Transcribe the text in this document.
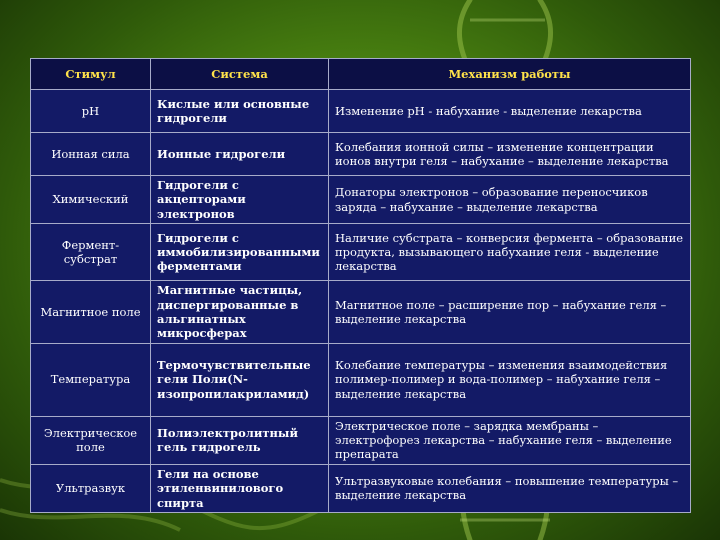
Стимул	Система	Механизм работы
pH	Кислые или основные гидрогели	Изменение pH - набухание - выделение лекарства
Ионная сила	Ионные гидрогели	Колебания ионной силы – изменение концентрации ионов внутри геля – набухание – выделение лекарства
Химический	Гидрогели с акцепторами электронов	Донаторы электронов – образование переносчиков заряда – набухание – выделение лекарства
Фермент-субстрат	Гидрогели с иммобилизированными ферментами	Наличие субстрата – конверсия фермента – образование продукта, вызывающего набухание геля - выделение лекарства
Магнитное поле	Магнитные частицы, диспергированные в альгинатных микросферах	Магнитное поле – расширение пор – набухание геля – выделение лекарства
Температура	Термочувствительные гели Поли(N-изопропилакриламид)	Колебание температуры – изменения взаимодействия полимер-полимер и вода-полимер – набухание геля – выделение лекарства
Электрическое поле	Полиэлектролитный гель гидрогель	Электрическое поле – зарядка мембраны – электрофорез лекарства – набухание геля – выделение препарата
Ультразвук	Гели на основе этиленвинилового спирта	Ультразвуковые колебания – повышение температуры – выделение лекарства
